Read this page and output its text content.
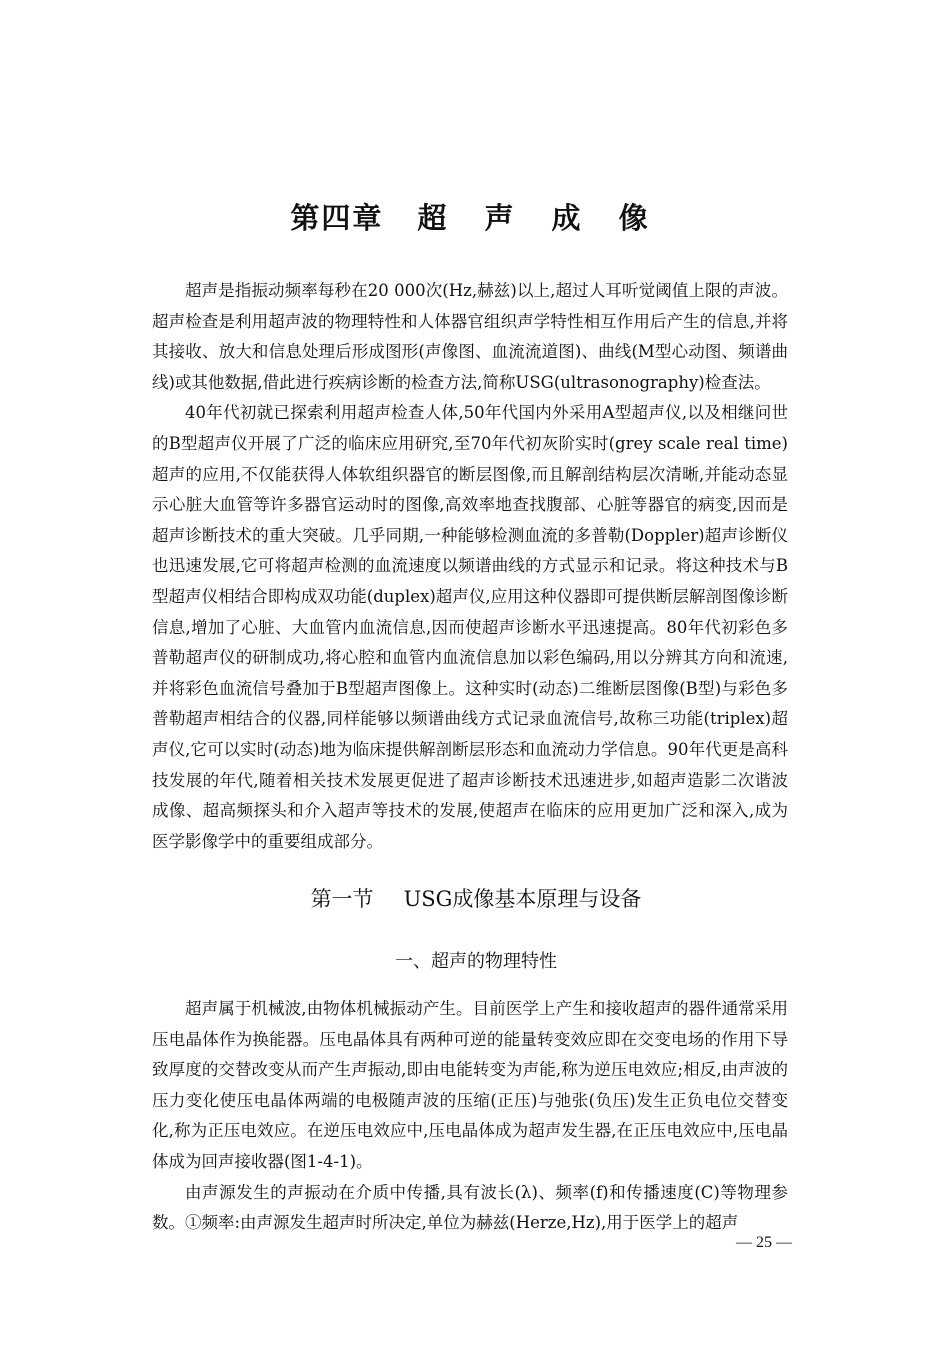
第四章 超 声 成 像

超声是指振动频率每秒在20 000次(Hz,赫兹)以上,超过人耳听觉阈值上限的声波。超声检查是利用超声波的物理特性和人体器官组织声学特性相互作用后产生的信息,并将其接收、放大和信息处理后形成图形(声像图、血流流道图)、曲线(M型心动图、频谱曲线)或其他数据,借此进行疾病诊断的检查方法,简称USG(ultrasonography)检查法。

40年代初就已探索利用超声检查人体,50年代国内外采用A型超声仪,以及相继问世的B型超声仪开展了广泛的临床应用研究,至70年代初灰阶实时(grey scale real time)超声的应用,不仅能获得人体软组织器官的断层图像,而且解剖结构层次清晰,并能动态显示心脏大血管等许多器官运动时的图像,高效率地查找腹部、心脏等器官的病变,因而是超声诊断技术的重大突破。几乎同期,一种能够检测血流的多普勒(Doppler)超声诊断仪也迅速发展,它可将超声检测的血流速度以频谱曲线的方式显示和记录。将这种技术与B型超声仪相结合即构成双功能(duplex)超声仪,应用这种仪器即可提供断层解剖图像诊断信息,增加了心脏、大血管内血流信息,因而使超声诊断水平迅速提高。80年代初彩色多普勒超声仪的研制成功,将心腔和血管内血流信息加以彩色编码,用以分辨其方向和流速,并将彩色血流信号叠加于B型超声图像上。这种实时(动态)二维断层图像(B型)与彩色多普勒超声相结合的仪器,同样能够以频谱曲线方式记录血流信号,故称三功能(triplex)超声仪,它可以实时(动态)地为临床提供解剖断层形态和血流动力学信息。90年代更是高科技发展的年代,随着相关技术发展更促进了超声诊断技术迅速进步,如超声造影二次谐波成像、超高频探头和介入超声等技术的发展,使超声在临床的应用更加广泛和深入,成为医学影像学中的重要组成部分。

第一节 USG成像基本原理与设备
一、超声的物理特性

超声属于机械波,由物体机械振动产生。目前医学上产生和接收超声的器件通常采用压电晶体作为换能器。压电晶体具有两种可逆的能量转变效应即在交变电场的作用下导致厚度的交替改变从而产生声振动,即由电能转变为声能,称为逆压电效应;相反,由声波的压力变化使压电晶体两端的电极随声波的压缩(正压)与弛张(负压)发生正负电位交替变化,称为正压电效应。在逆压电效应中,压电晶体成为超声发生器,在正压电效应中,压电晶体成为回声接收器(图1-4-1)。

由声源发生的声振动在介质中传播,具有波长(λ)、频率(f)和传播速度(C)等物理参数。①频率:由声源发生超声时所决定,单位为赫兹(Herze,Hz),用于医学上的超声

— 25 —
